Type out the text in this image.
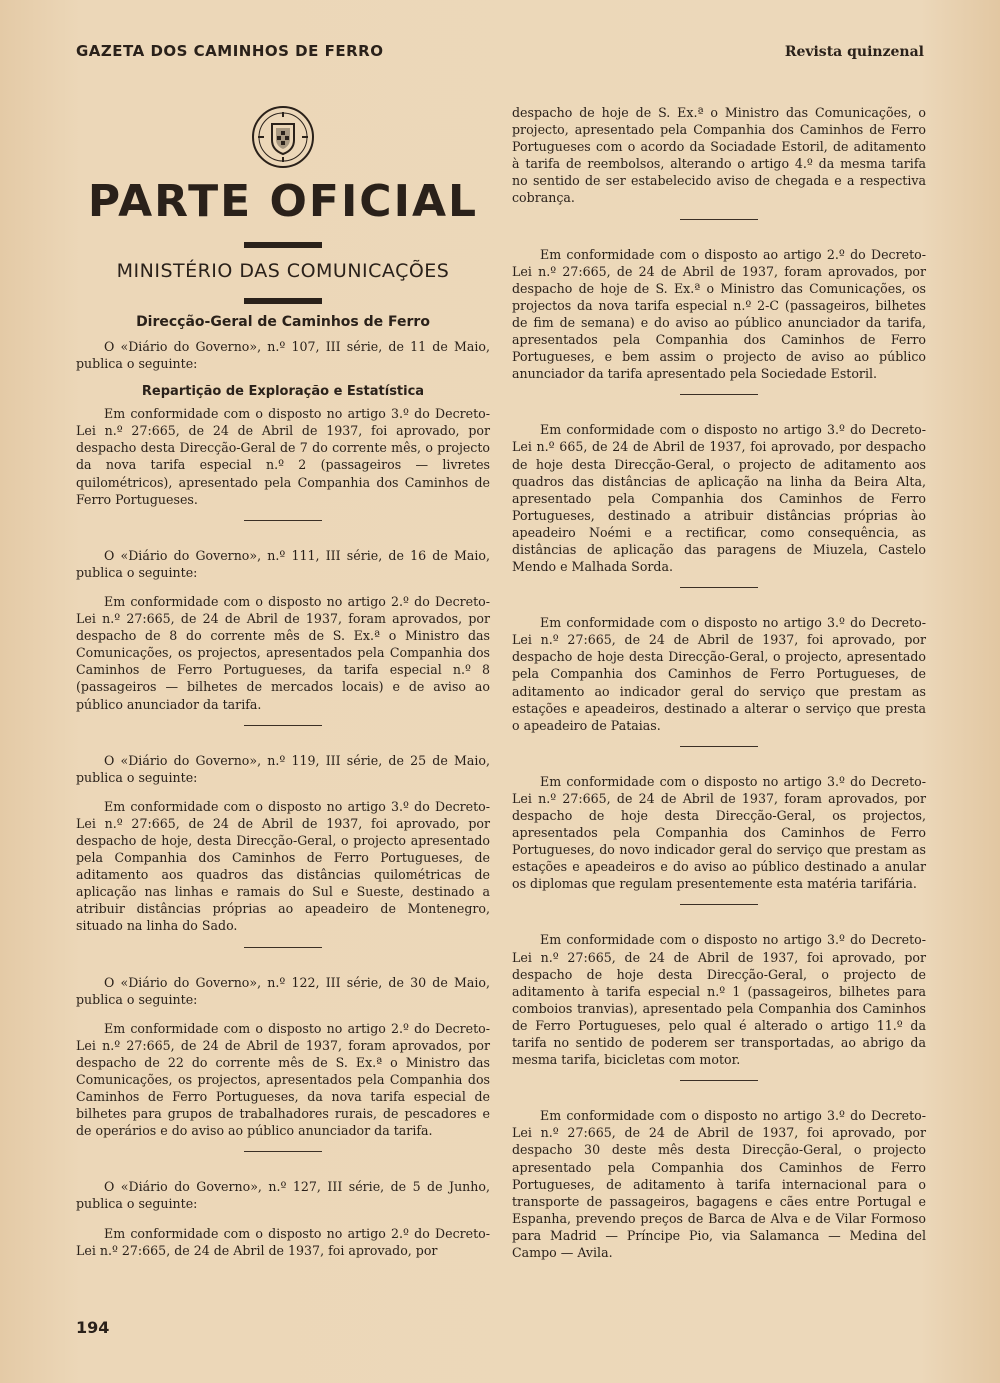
GAZETA DOS CAMINHOS DE FERRO	Revista quinzenal
PARTE OFICIAL
MINISTÉRIO DAS COMUNICAÇÕES
Direcção-Geral de Caminhos de Ferro

O «Diário do Governo», n.º 107, III série, de 11 de Maio, publica o seguinte:

Repartição de Exploração e Estatística

Em conformidade com o disposto no artigo 3.º do Decreto-Lei n.º 27:665, de 24 de Abril de 1937, foi aprovado, por despacho desta Direcção-Geral de 7 do corrente mês, o projecto da nova tarifa especial n.º 2 (passageiros — livretes quilométricos), apresentado pela Companhia dos Caminhos de Ferro Portugueses.

O «Diário do Governo», n.º 111, III série, de 16 de Maio, publica o seguinte:

Em conformidade com o disposto no artigo 2.º do Decreto-Lei n.º 27:665, de 24 de Abril de 1937, foram aprovados, por despacho de 8 do corrente mês de S. Ex.ª o Ministro das Comunicações, os projectos, apresentados pela Companhia dos Caminhos de Ferro Portugueses, da tarifa especial n.º 8 (passageiros — bilhetes de mercados locais) e de aviso ao público anunciador da tarifa.

O «Diário do Governo», n.º 119, III série, de 25 de Maio, publica o seguinte:

Em conformidade com o disposto no artigo 3.º do Decreto-Lei n.º 27:665, de 24 de Abril de 1937, foi aprovado, por despacho de hoje, desta Direcção-Geral, o projecto apresentado pela Companhia dos Caminhos de Ferro Portugueses, de aditamento aos quadros das distâncias quilométricas de aplicação nas linhas e ramais do Sul e Sueste, destinado a atribuir distâncias próprias ao apeadeiro de Montenegro, situado na linha do Sado.

O «Diário do Governo», n.º 122, III série, de 30 de Maio, publica o seguinte:

Em conformidade com o disposto no artigo 2.º do Decreto-Lei n.º 27:665, de 24 de Abril de 1937, foram aprovados, por despacho de 22 do corrente mês de S. Ex.ª o Ministro das Comunicações, os projectos, apresentados pela Companhia dos Caminhos de Ferro Portugueses, da nova tarifa especial de bilhetes para grupos de trabalhadores rurais, de pescadores e de operários e do aviso ao público anunciador da tarifa.

O «Diário do Governo», n.º 127, III série, de 5 de Junho, publica o seguinte:

Em conformidade com o disposto no artigo 2.º do Decreto-Lei n.º 27:665, de 24 de Abril de 1937, foi aprovado, por

despacho de hoje de S. Ex.ª o Ministro das Comunicações, o projecto, apresentado pela Companhia dos Caminhos de Ferro Portugueses com o acordo da Sociadade Estoril, de aditamento à tarifa de reembolsos, alterando o artigo 4.º da mesma tarifa no sentido de ser estabelecido aviso de chegada e a respectiva cobrança.

Em conformidade com o disposto ao artigo 2.º do Decreto-Lei n.º 27:665, de 24 de Abril de 1937, foram aprovados, por despacho de hoje de S. Ex.ª o Ministro das Comunicações, os projectos da nova tarifa especial n.º 2-C (passageiros, bilhetes de fim de semana) e do aviso ao público anunciador da tarifa, apresentados pela Companhia dos Caminhos de Ferro Portugueses, e bem assim o projecto de aviso ao público anunciador da tarifa apresentado pela Sociedade Estoril.

Em conformidade com o disposto no artigo 3.º do Decreto-Lei n.º 665, de 24 de Abril de 1937, foi aprovado, por despacho de hoje desta Direcção-Geral, o projecto de aditamento aos quadros das distâncias de aplicação na linha da Beira Alta, apresentado pela Companhia dos Caminhos de Ferro Portugueses, destinado a atribuir distâncias próprias ào apeadeiro Noémi e a rectificar, como consequência, as distâncias de aplicação das paragens de Miuzela, Castelo Mendo e Malhada Sorda.

Em conformidade com o disposto no artigo 3.º do Decreto-Lei n.º 27:665, de 24 de Abril de 1937, foi aprovado, por despacho de hoje desta Direcção-Geral, o projecto, apresentado pela Companhia dos Caminhos de Ferro Portugueses, de aditamento ao indicador geral do serviço que prestam as estações e apeadeiros, destinado a alterar o serviço que presta o apeadeiro de Pataias.

Em conformidade com o disposto no artigo 3.º do Decreto-Lei n.º 27:665, de 24 de Abril de 1937, foram aprovados, por despacho de hoje desta Direcção-Geral, os projectos, apresentados pela Companhia dos Caminhos de Ferro Portugueses, do novo indicador geral do serviço que prestam as estações e apeadeiros e do aviso ao público destinado a anular os diplomas que regulam presentemente esta matéria tarifária.

Em conformidade com o disposto no artigo 3.º do Decreto-Lei n.º 27:665, de 24 de Abril de 1937, foi aprovado, por despacho de hoje desta Direcção-Geral, o projecto de aditamento à tarifa especial n.º 1 (passageiros, bilhetes para comboios tranvias), apresentado pela Companhia dos Caminhos de Ferro Portugueses, pelo qual é alterado o artigo 11.º da tarifa no sentido de poderem ser transportadas, ao abrigo da mesma tarifa, bicicletas com motor.

Em conformidade com o disposto no artigo 3.º do Decreto-Lei n.º 27:665, de 24 de Abril de 1937, foi aprovado, por despacho 30 deste mês desta Direcção-Geral, o projecto apresentado pela Companhia dos Caminhos de Ferro Portugueses, de aditamento à tarifa internacional para o transporte de passageiros, bagagens e cães entre Portugal e Espanha, prevendo preços de Barca de Alva e de Vilar Formoso para Madrid — Príncipe Pio, via Salamanca — Medina del Campo — Avila.

194
